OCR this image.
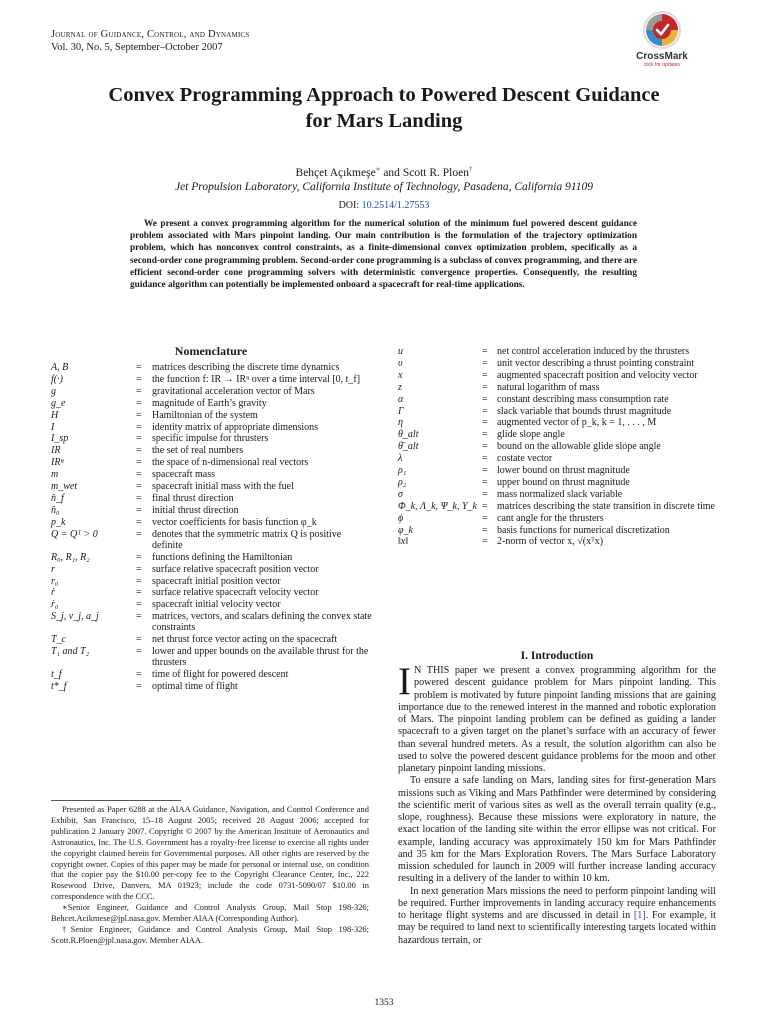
Journal of Guidance, Control, and Dynamics
Vol. 30, No. 5, September–October 2007
CrossMark
click for updates
Convex Programming Approach to Powered Descent Guidance
for Mars Landing
Behçet Açıkmeşe∗ and Scott R. Ploen†
Jet Propulsion Laboratory, California Institute of Technology, Pasadena, California 91109
DOI: 10.2514/1.27553
We present a convex programming algorithm for the numerical solution of the minimum fuel powered descent guidance problem associated with Mars pinpoint landing. Our main contribution is the formulation of the trajectory optimization problem, which has nonconvex control constraints, as a finite-dimensional convex optimization problem, specifically as a second-order cone programming problem. Second-order cone programming is a subclass of convex programming, and there are efficient second-order cone programming solvers with deterministic convergence properties. Consequently, the resulting guidance algorithm can potentially be implemented onboard a spacecraft for real-time applications.
Nomenclature
A, B	= matrices describing the discrete time dynamics
f(·)	= the function f: IR → IRⁿ over a time interval [0, t_f]
g	= gravitational acceleration vector of Mars
g_e	= magnitude of Earth’s gravity
H	= Hamiltonian of the system
I	= identity matrix of appropriate dimensions
I_sp	= specific impulse for thrusters
IR	= the set of real numbers
IRⁿ	= the space of n-dimensional real vectors
m	= spacecraft mass
m_wet	= spacecraft initial mass with the fuel
n̂_f	= final thrust direction
n̂₀	= initial thrust direction
p_k	= vector coefficients for basis function φ_k
Q = Qᵀ > 0	= denotes that the symmetric matrix Q is positive definite
R₀, R₁, R₂	= functions defining the Hamiltonian
r	= surface relative spacecraft position vector
r₀	= spacecraft initial position vector
ṙ	= surface relative spacecraft velocity vector
ṙ₀	= spacecraft initial velocity vector
S_j, v_j, a_j	= matrices, vectors, and scalars defining the convex state constraints
T_c	= net thrust force vector acting on the spacecraft
T₁ and T₂	= lower and upper bounds on the available thrust for the thrusters
t_f	= time of flight for powered descent
t*_f	= optimal time of flight
u	= net control acceleration induced by the thrusters
υ	= unit vector describing a thrust pointing constraint
x	= augmented spacecraft position and velocity vector
z	= natural logarithm of mass
α	= constant describing mass consumption rate
Γ	= slack variable that bounds thrust magnitude
η	= augmented vector of p_k, k = 1, . . . , M
θ_alt	= glide slope angle
θ̄_alt	= bound on the allowable glide slope angle
λ	= costate vector
ρ₁	= lower bound on thrust magnitude
ρ₂	= upper bound on thrust magnitude
σ	= mass normalized slack variable
Φ_k, Λ_k, Ψ_k, Υ_k = matrices describing the state transition in discrete time
ϕ	= cant angle for the thrusters
φ_k	= basis functions for numerical discretization
‖x‖	= 2-norm of vector x, √(xᵀx)
I. Introduction

I N THIS paper we present a convex programming algorithm for the powered descent guidance problem for Mars pinpoint landing. This problem is motivated by future pinpoint landing missions that are gaining importance due to the renewed interest in the manned and robotic exploration of Mars. The pinpoint landing problem can be defined as guiding a lander spacecraft to a given target on the planet’s surface with an accuracy of fewer than several hundred meters. As a result, the solution algorithm can also be used to solve the powered descent guidance problems for the moon and other planetary pinpoint landing missions.

To ensure a safe landing on Mars, landing sites for first-generation Mars missions such as Viking and Mars Pathfinder were determined by considering the scientific merit of various sites as well as the overall terrain quality (e.g., slope, roughness). Because these missions were exploratory in nature, the exact location of the landing site within the error ellipse was not critical. For example, landing accuracy was approximately 150 km for Mars Pathfinder and 35 km for the Mars Exploration Rovers. The Mars Surface Laboratory mission scheduled for launch in 2009 will further increase landing accuracy resulting in a delivery of the lander to within 10 km.

In next generation Mars missions the need to perform pinpoint landing will be required. Further improvements in landing accuracy require enhancements to heritage flight systems and are discussed in detail in [1]. For example, it may be required to land next to scientifically interesting targets located within hazardous terrain, or

Presented as Paper 6288 at the AIAA Guidance, Navigation, and Control Conference and Exhibit, San Francisco, 15–18 August 2005; received 28 August 2006; accepted for publication 2 January 2007. Copyright © 2007 by the American Institute of Aeronautics and Astronautics, Inc. The U.S. Government has a royalty-free license to exercise all rights under the copyright claimed herein for Governmental purposes. All other rights are reserved by the copyright owner. Copies of this paper may be made for personal or internal use, on condition that the copier pay the $10.00 per-copy fee to the Copyright Clearance Center, Inc., 222 Rosewood Drive, Danvers, MA 01923; include the code 0731-5090/07 $10.00 in correspondence with the CCC.

∗Senior Engineer, Guidance and Control Analysis Group, Mail Stop 198-326; Behcet.Acikmese@jpl.nasa.gov. Member AIAA (Corresponding Author).

†Senior Engineer, Guidance and Control Analysis Group, Mail Stop 198-326; Scott.R.Ploen@jpl.nasa.gov. Member AIAA.

1353
